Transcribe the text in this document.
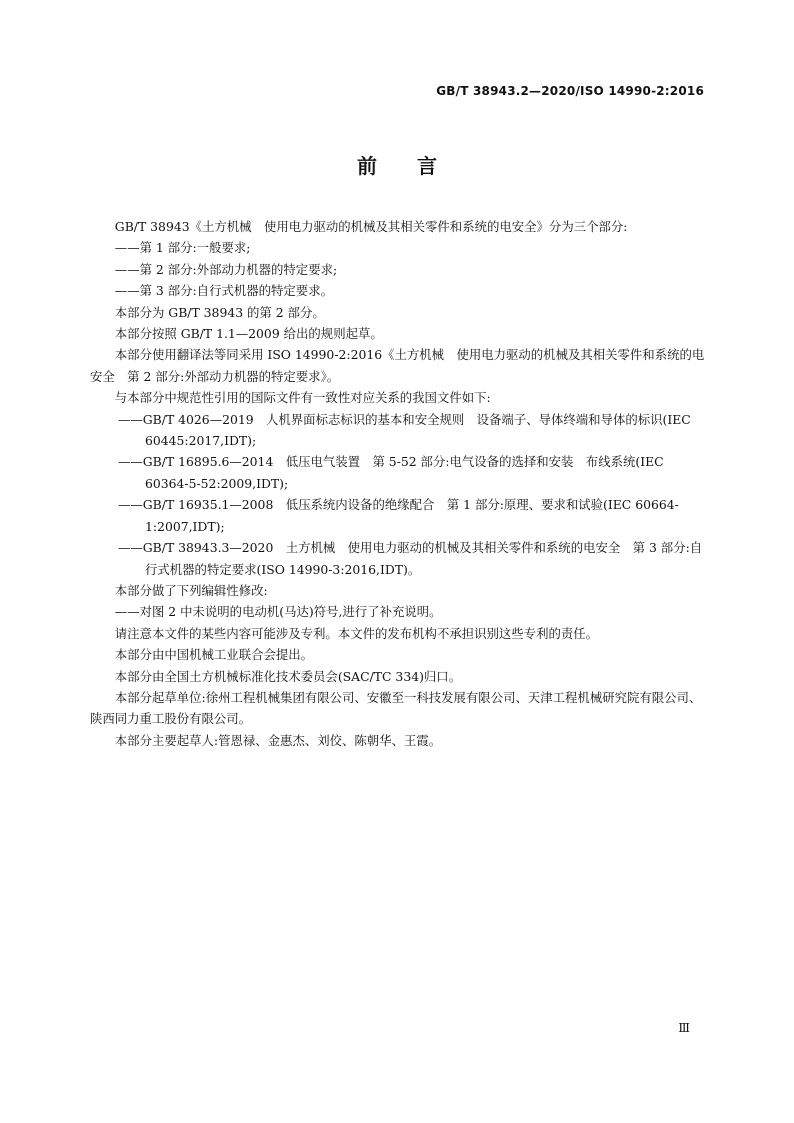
GB/T 38943.2—2020/ISO 14990-2:2016
前 言

GB/T 38943《土方机械　使用电力驱动的机械及其相关零件和系统的电安全》分为三个部分:

——第 1 部分:一般要求;

——第 2 部分:外部动力机器的特定要求;

——第 3 部分:自行式机器的特定要求。

本部分为 GB/T 38943 的第 2 部分。

本部分按照 GB/T 1.1—2009 给出的规则起草。

本部分使用翻译法等同采用 ISO 14990-2:2016《土方机械　使用电力驱动的机械及其相关零件和系统的电安全　第 2 部分:外部动力机器的特定要求》。

与本部分中规范性引用的国际文件有一致性对应关系的我国文件如下:

——GB/T 4026—2019　人机界面标志标识的基本和安全规则　设备端子、导体终端和导体的标识(IEC 60445:2017,IDT);

——GB/T 16895.6—2014　低压电气装置　第 5-52 部分:电气设备的选择和安装　布线系统(IEC 60364-5-52:2009,IDT);

——GB/T 16935.1—2008　低压系统内设备的绝缘配合　第 1 部分:原理、要求和试验(IEC 60664-1:2007,IDT);

——GB/T 38943.3—2020　土方机械　使用电力驱动的机械及其相关零件和系统的电安全　第 3 部分:自行式机器的特定要求(ISO 14990-3:2016,IDT)。

本部分做了下列编辑性修改:

——对图 2 中未说明的电动机(马达)符号,进行了补充说明。

请注意本文件的某些内容可能涉及专利。本文件的发布机构不承担识别这些专利的责任。

本部分由中国机械工业联合会提出。

本部分由全国土方机械标准化技术委员会(SAC/TC 334)归口。

本部分起草单位:徐州工程机械集团有限公司、安徽至一科技发展有限公司、天津工程机械研究院有限公司、陕西同力重工股份有限公司。

本部分主要起草人:管恩禄、金惠杰、刘佼、陈朝华、王霞。

Ⅲ
